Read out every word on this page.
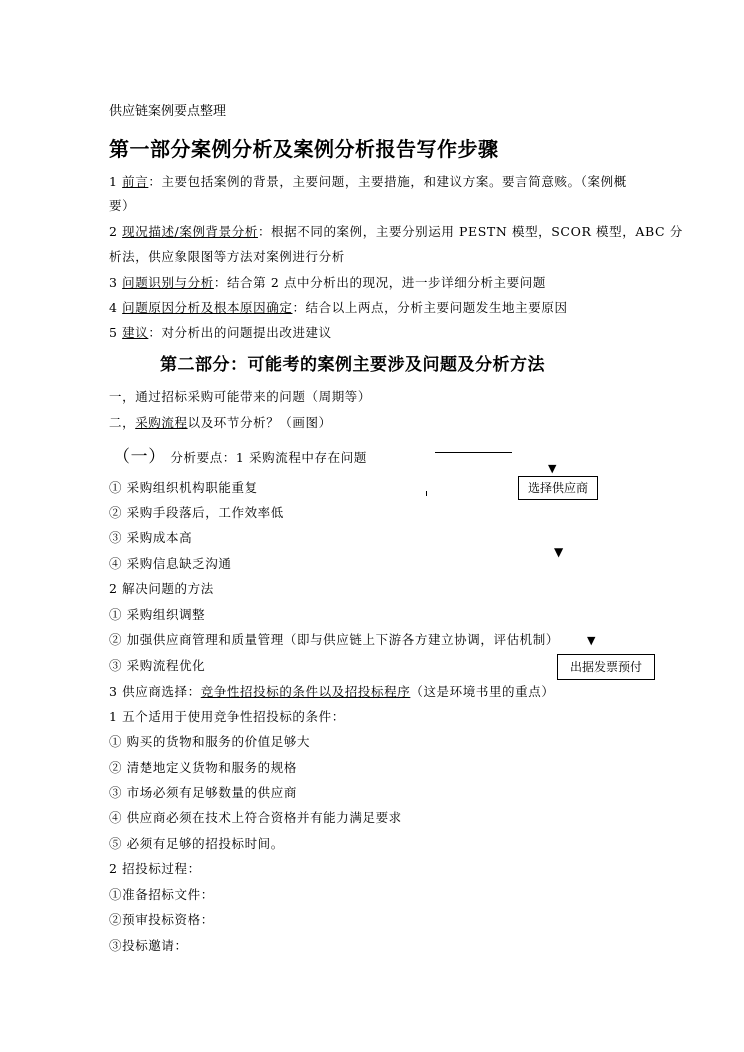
供应链案例要点整理
第一部分案例分析及案例分析报告写作步骤
1 前言：主要包括案例的背景，主要问题，主要措施，和建议方案。要言简意赅。（案例概
要）
2 现况描述/案例背景分析：根据不同的案例，主要分别运用 PESTN 模型，SCOR 模型，ABC 分
析法，供应象限图等方法对案例进行分析
3 问题识别与分析：结合第 2 点中分析出的现况，进一步详细分析主要问题
4 问题原因分析及根本原因确定：结合以上两点，分析主要问题发生地主要原因
5 建议：对分析出的问题提出改进建议
第二部分：可能考的案例主要涉及问题及分析方法
一，通过招标采购可能带来的问题（周期等）
二，采购流程以及环节分析？（画图）
（一） 分析要点：1 采购流程中存在问题
① 采购组织机构职能重复
② 采购手段落后，工作效率低
③ 采购成本高
④ 采购信息缺乏沟通
2 解决问题的方法
① 采购组织调整
② 加强供应商管理和质量管理（即与供应链上下游各方建立协调，评估机制）
③ 采购流程优化
3 供应商选择：竞争性招投标的条件以及招投标程序（这是环境书里的重点）
1 五个适用于使用竞争性招投标的条件：
① 购买的货物和服务的价值足够大
② 清楚地定义货物和服务的规格
③ 市场必须有足够数量的供应商
④ 供应商必须在技术上符合资格并有能力满足要求
⑤ 必须有足够的招投标时间。
2 招投标过程：
①准备招标文件：
②预审投标资格：
③投标邀请：
▼
选择供应商
▼
▼
出据发票预付
